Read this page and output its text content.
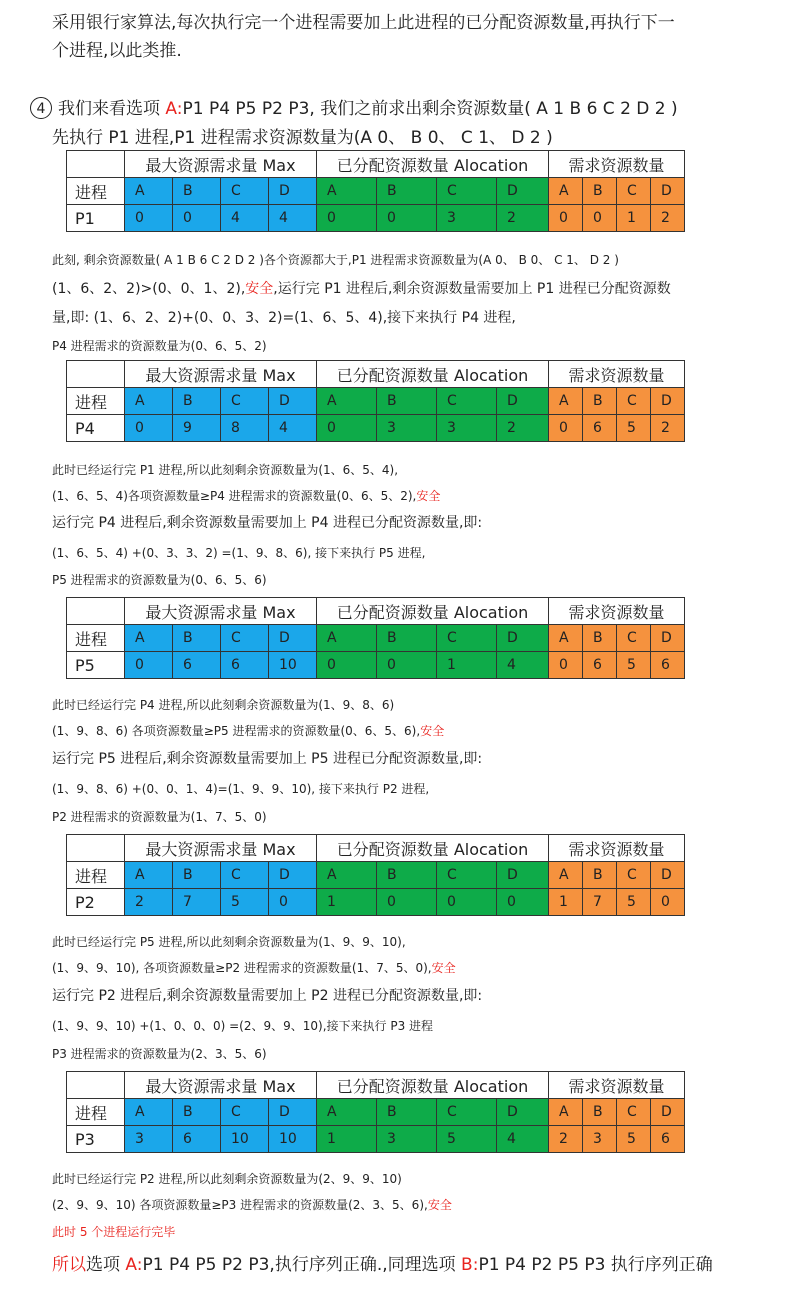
采用银行家算法,每次执行完一个进程需要加上此进程的已分配资源数量,再执行下一
个进程,以此类推.
4 我们来看选项 A:P1 P4 P5 P2 P3, 我们之前求出剩余资源数量( A 1 B 6 C 2 D 2 )
先执行 P1 进程,P1 进程需求资源数量为(A 0、 B 0、 C 1、 D 2 )
	最大资源需求量 Max				已分配资源数量 Alocation				需求资源数量			
进程	A	B	C	D	A	B	C	D	A	B	C	D
P1	0	0	4	4	0	0	3	2	0	0	1	2
此刻, 剩余资源数量( A 1 B 6 C 2 D 2 )各个资源都大于,P1 进程需求资源数量为(A 0、 B 0、 C 1、 D 2 )
(1、6、2、2)>(0、0、1、2),安全,运行完 P1 进程后,剩余资源数量需要加上 P1 进程已分配资源数
量,即: (1、6、2、2)+(0、0、3、2)=(1、6、5、4),接下来执行 P4 进程,
P4 进程需求的资源数量为(0、6、5、2)
	最大资源需求量 Max				已分配资源数量 Alocation				需求资源数量			
进程	A	B	C	D	A	B	C	D	A	B	C	D
P4	0	9	8	4	0	3	3	2	0	6	5	2
此时已经运行完 P1 进程,所以此刻剩余资源数量为(1、6、5、4),
(1、6、5、4)各项资源数量≥P4 进程需求的资源数量(0、6、5、2),安全
运行完 P4 进程后,剩余资源数量需要加上 P4 进程已分配资源数量,即:
(1、6、5、4) +(0、3、3、2) =(1、9、8、6), 接下来执行 P5 进程,
P5 进程需求的资源数量为(0、6、5、6)
	最大资源需求量 Max				已分配资源数量 Alocation				需求资源数量			
进程	A	B	C	D	A	B	C	D	A	B	C	D
P5	0	6	6	10	0	0	1	4	0	6	5	6
此时已经运行完 P4 进程,所以此刻剩余资源数量为(1、9、8、6)
(1、9、8、6) 各项资源数量≥P5 进程需求的资源数量(0、6、5、6),安全
运行完 P5 进程后,剩余资源数量需要加上 P5 进程已分配资源数量,即:
(1、9、8、6) +(0、0、1、4)=(1、9、9、10), 接下来执行 P2 进程,
P2 进程需求的资源数量为(1、7、5、0)
	最大资源需求量 Max				已分配资源数量 Alocation				需求资源数量			
进程	A	B	C	D	A	B	C	D	A	B	C	D
P2	2	7	5	0	1	0	0	0	1	7	5	0
此时已经运行完 P5 进程,所以此刻剩余资源数量为(1、9、9、10),
(1、9、9、10), 各项资源数量≥P2 进程需求的资源数量(1、7、5、0),安全
运行完 P2 进程后,剩余资源数量需要加上 P2 进程已分配资源数量,即:
(1、9、9、10) +(1、0、0、0) =(2、9、9、10),接下来执行 P3 进程
P3 进程需求的资源数量为(2、3、5、6)
	最大资源需求量 Max				已分配资源数量 Alocation				需求资源数量			
进程	A	B	C	D	A	B	C	D	A	B	C	D
P3	3	6	10	10	1	3	5	4	2	3	5	6
此时已经运行完 P2 进程,所以此刻剩余资源数量为(2、9、9、10)
(2、9、9、10) 各项资源数量≥P3 进程需求的资源数量(2、3、5、6),安全
此时 5 个进程运行完毕
所以选项 A:P1 P4 P5 P2 P3,执行序列正确.,同理选项 B:P1 P4 P2 P5 P3 执行序列正确
